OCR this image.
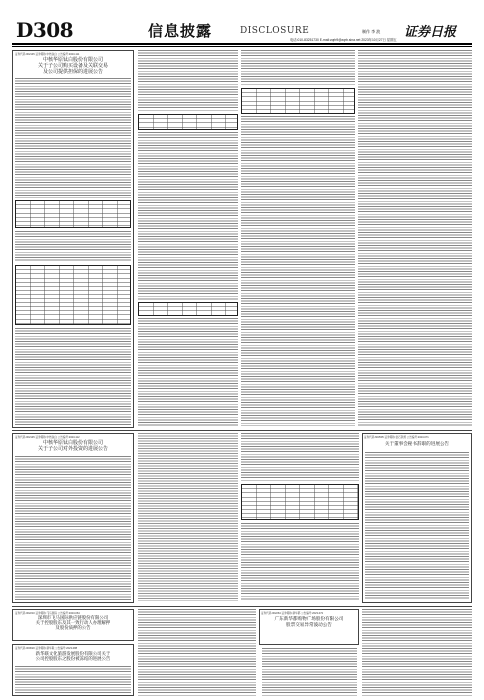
D308	信息披露	DISCLOSURE	制作 李 波 证券日报
电话:010-83251730 E-mail:zqrb9@zqrb.sina.net 2023年10月27日 星期五
证券代码:002145 证券简称:中核钛白 公告编号:2023-111
中核华原钛白股份有限公司
关于子公司购买设备及关联交易
及公司提供担保的进展公告
证券代码:002145 证券简称:中核钛白 公告编号:2023-112
中核华原钛白股份有限公司
关于子公司对外投资的进展公告
证券代码:603505 证券简称:金石资源 公告编号:2023-071
关于董事会秘书辞职的进展公告
证券代码:002210 证券简称:飞马国际 公告编号:2023-064
深圳市飞马国际供应链股份有限公司
关于控股股东及其一致行动人办理解押
及股份质押的公告
证券代码:002264 证券简称:新华都 公告编号:2023-072
广东新华都购物广场股份有限公司
股票交易异常波动公告
证券代码:000620 证券简称:新华联 公告编号:2023-088
新华联文化旅游发展股份有限公司关于
公司控股股东之股份被冻结的进展公告
